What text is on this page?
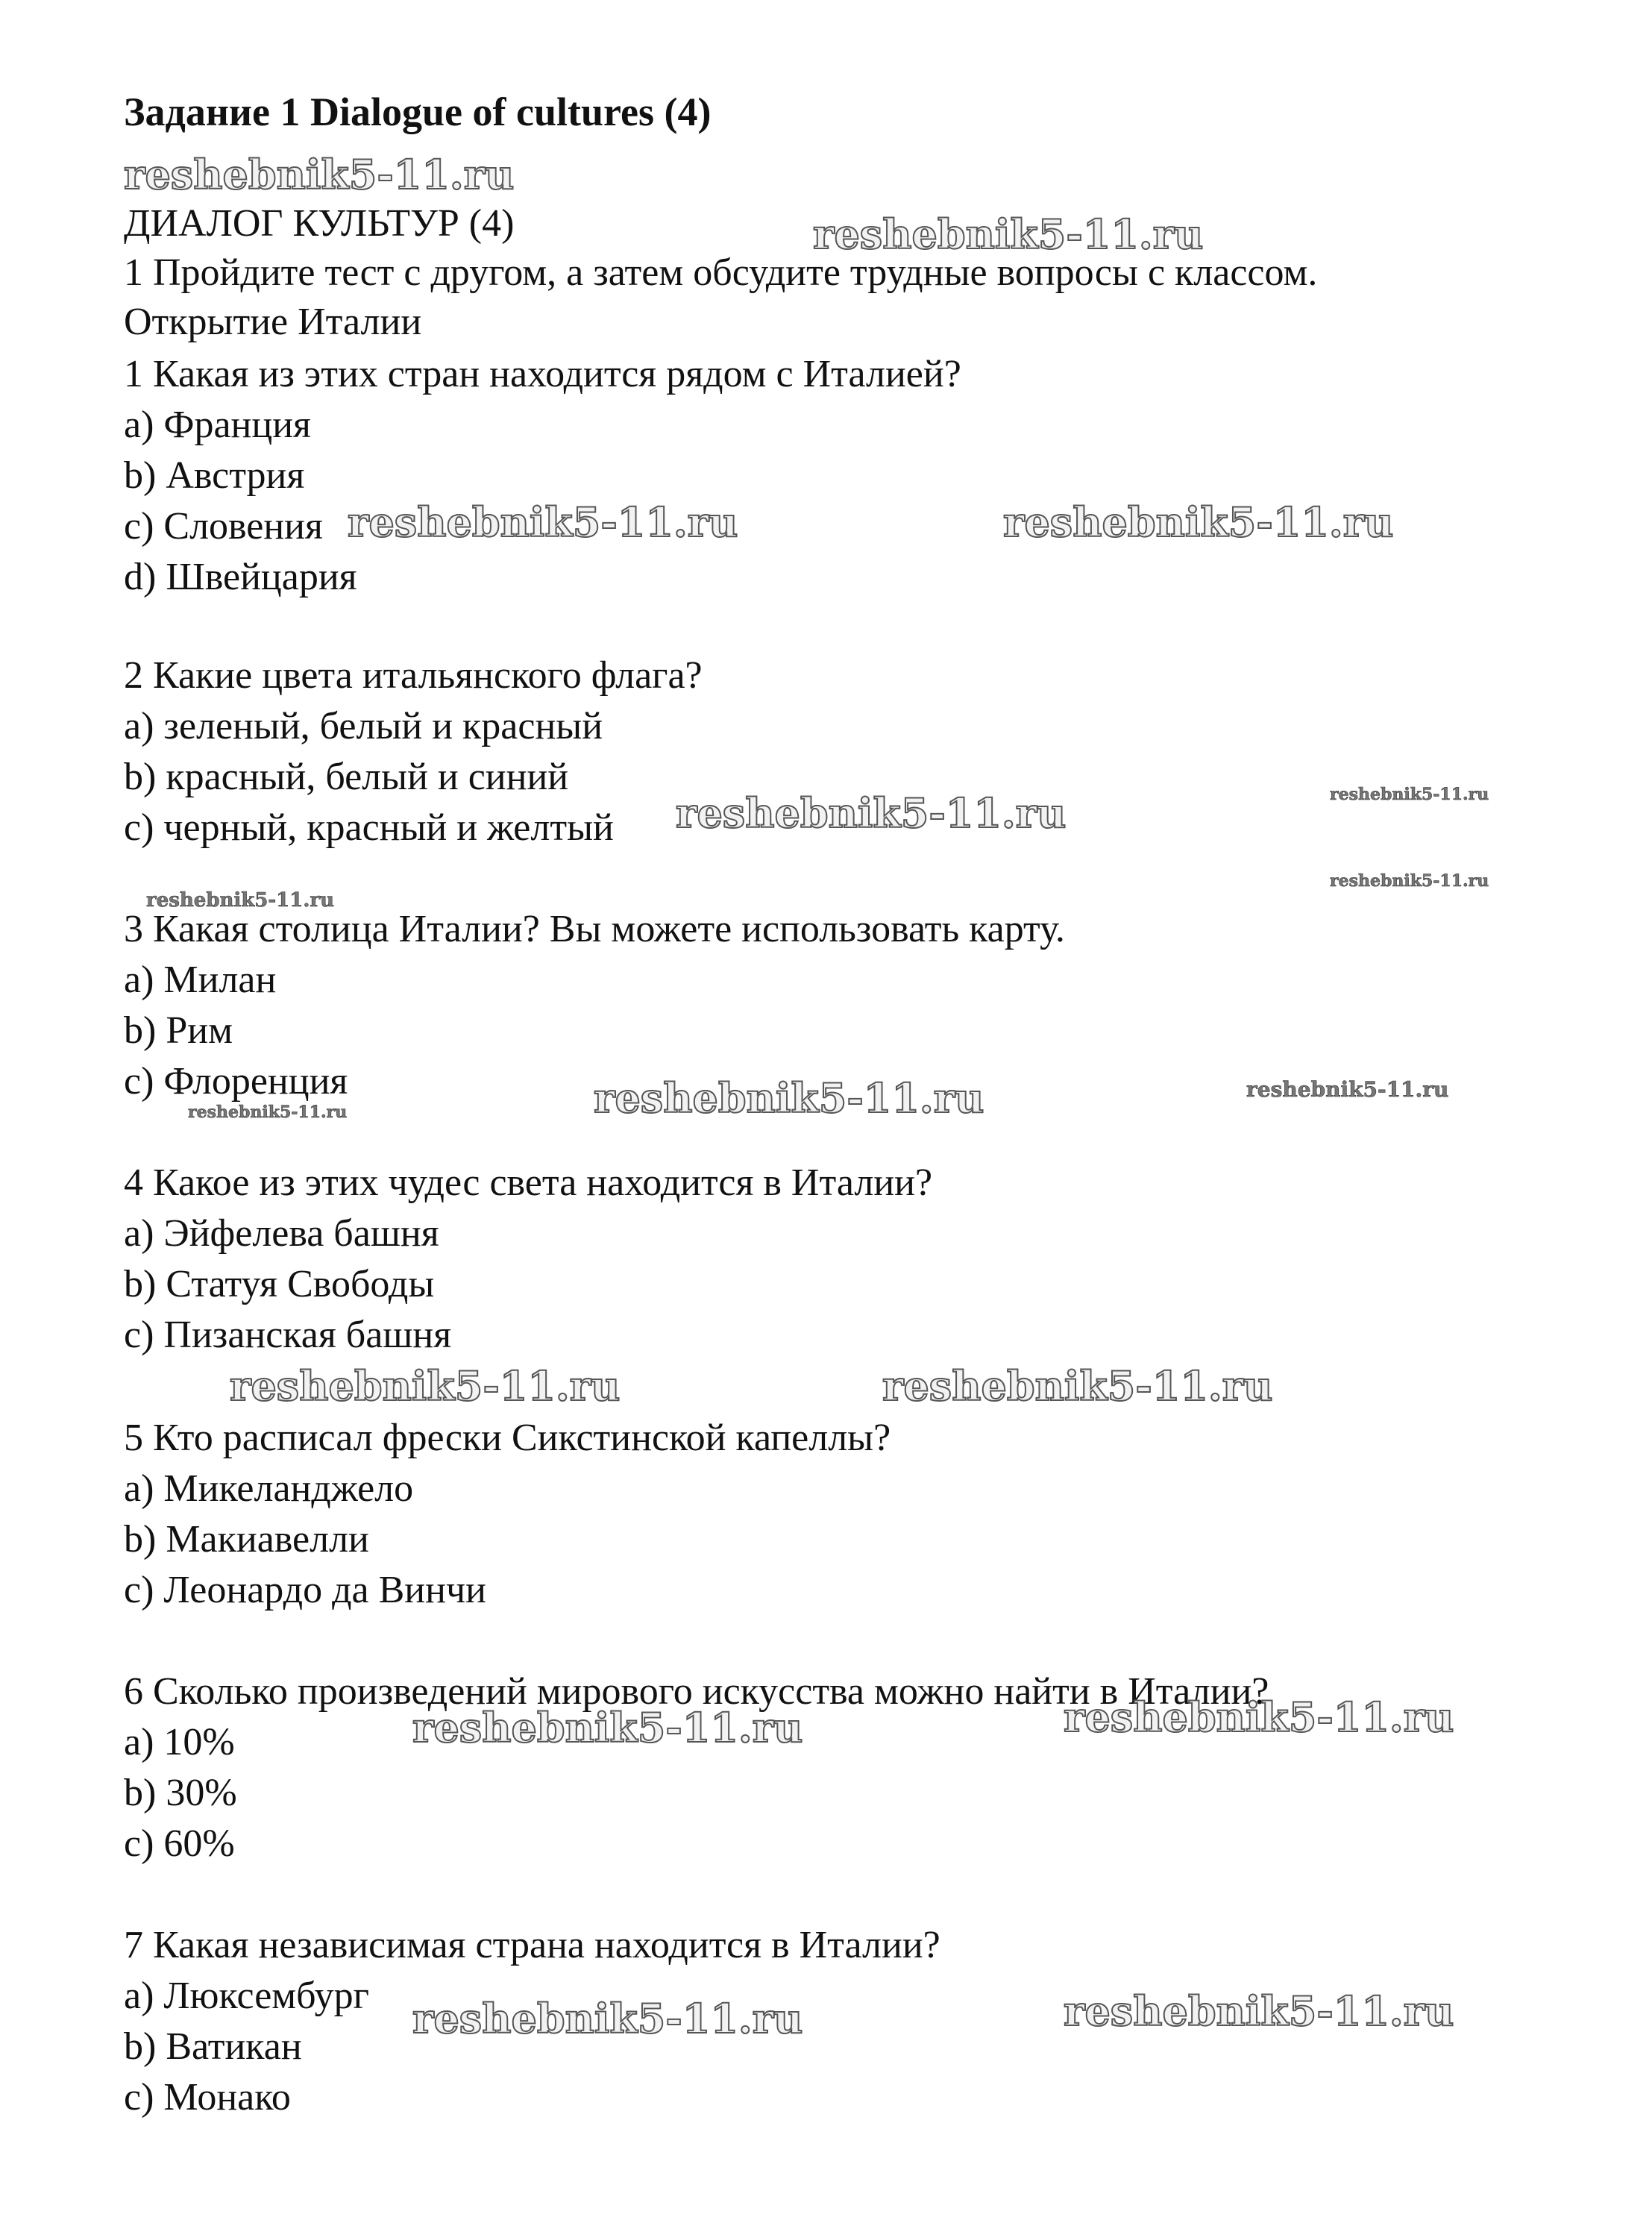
Задание 1 Dialogue of cultures (4)
ДИАЛОГ КУЛЬТУР (4)
1 Пройдите тест с другом, а затем обсудите трудные вопросы с классом.
Открытие Италии
1 Какая из этих стран находится рядом с Италией?
a) Франция
b) Австрия
c) Словения
d) Швейцария
2 Какие цвета итальянского флага?
a) зеленый, белый и красный
b) красный, белый и синий
c) черный, красный и желтый
3 Какая столица Италии? Вы можете использовать карту.
a) Милан
b) Рим
c) Флоренция
4 Какое из этих чудес света находится в Италии?
a) Эйфелева башня
b) Статуя Свободы
c) Пизанская башня
5 Кто расписал фрески Сикстинской капеллы?
a) Микеланджело
b) Макиавелли
c) Леонардо да Винчи
6 Сколько произведений мирового искусства можно найти в Италии?
a) 10%
b) 30%
c) 60%
7 Какая независимая страна находится в Италии?
a) Люксембург
b) Ватикан
c) Монако
reshebnik5-11.ru
reshebnik5-11.ru
reshebnik5-11.ru	reshebnik5-11.ru
reshebnik5-11.ru	reshebnik5-11.ru
reshebnik5-11.ru
reshebnik5-11.ru
reshebnik5-11.ru
reshebnik5-11.ru
reshebnik5-11.ru
reshebnik5-11.ru	reshebnik5-11.ru
reshebnik5-11.ru	reshebnik5-11.ru
reshebnik5-11.ru	reshebnik5-11.ru
